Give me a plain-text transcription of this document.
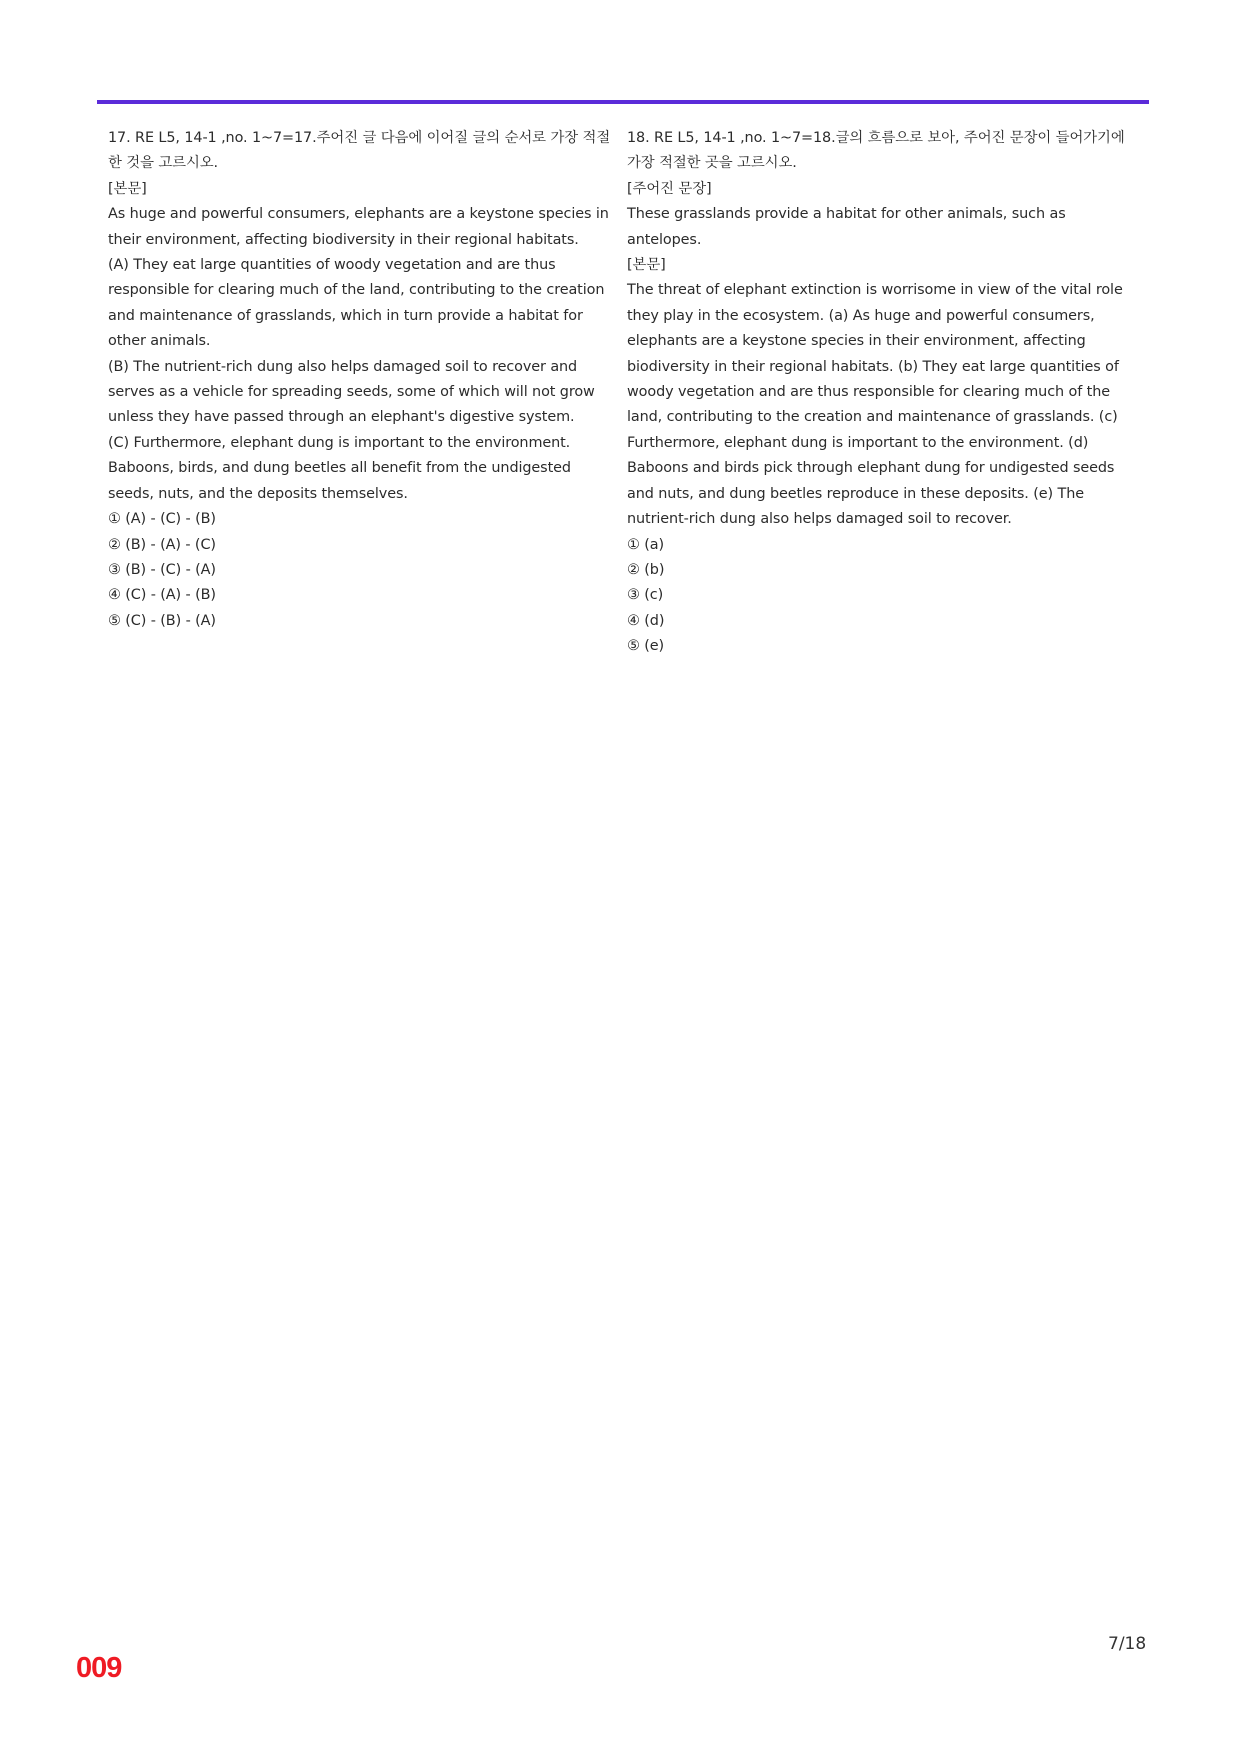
17. RE L5, 14-1 ,no. 1~7=17.주어진 글 다음에 이어질 글의 순서로 가장 적절한 것을 고르시오.

[본문]

As huge and powerful consumers, elephants are a keystone species in their environment, affecting biodiversity in their regional habitats.

(A) They eat large quantities of woody vegetation and are thus responsible for clearing much of the land, contributing to the creation and maintenance of grasslands, which in turn provide a habitat for other animals.

(B) The nutrient-rich dung also helps damaged soil to recover and serves as a vehicle for spreading seeds, some of which will not grow unless they have passed through an elephant's digestive system.

(C) Furthermore, elephant dung is important to the environment. Baboons, birds, and dung beetles all benefit from the undigested seeds, nuts, and the deposits themselves.

① (A) - (C) - (B)

② (B) - (A) - (C)

③ (B) - (C) - (A)

④ (C) - (A) - (B)

⑤ (C) - (B) - (A)

18. RE L5, 14-1 ,no. 1~7=18.글의 흐름으로 보아, 주어진 문장이 들어가기에 가장 적절한 곳을 고르시오.

[주어진 문장]

These grasslands provide a habitat for other animals, such as antelopes.

[본문]

The threat of elephant extinction is worrisome in view of the vital role they play in the ecosystem. (a) As huge and powerful consumers, elephants are a keystone species in their environment, affecting biodiversity in their regional habitats. (b) They eat large quantities of woody vegetation and are thus responsible for clearing much of the land, contributing to the creation and maintenance of grasslands. (c) Furthermore, elephant dung is important to the environment. (d) Baboons and birds pick through elephant dung for undigested seeds and nuts, and dung beetles reproduce in these deposits. (e) The nutrient-rich dung also helps damaged soil to recover.

① (a)

② (b)

③ (c)

④ (d)

⑤ (e)

7/18
009
